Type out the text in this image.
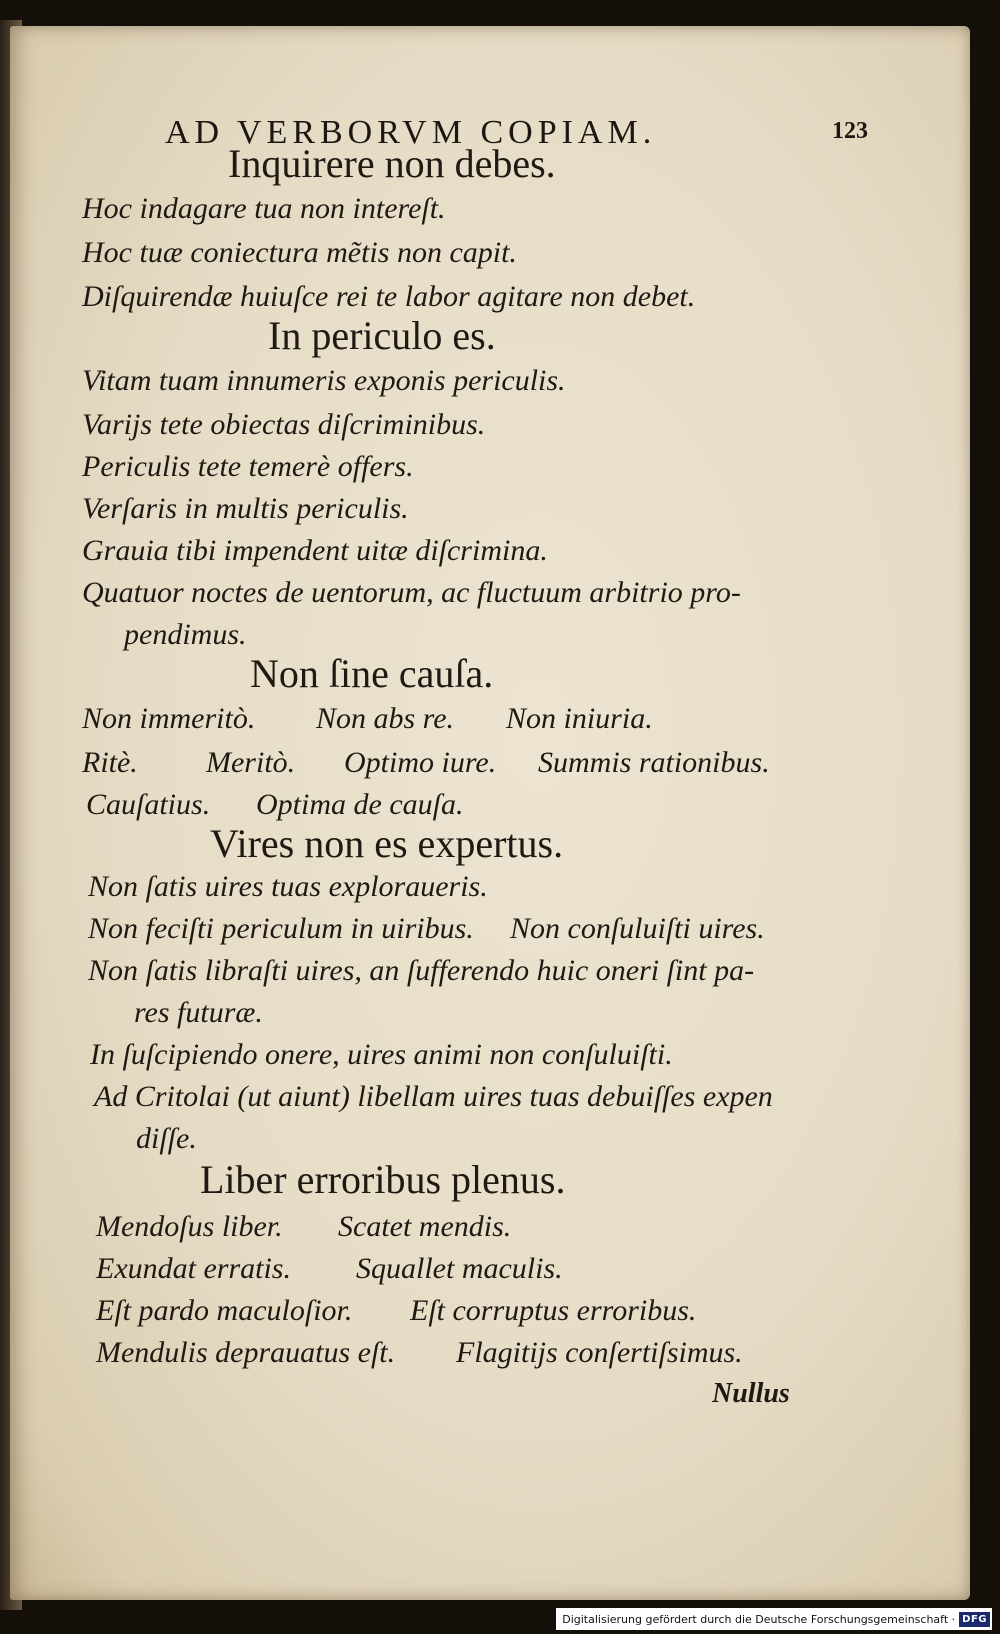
AD VERBORVM COPIAM.	123
Inquirere non debes.
Hoc indagare tua non intereſt.
Hoc tuæ coniectura mẽtis non capit.
Diſquirendæ huiuſce rei te labor agitare non debet.
In periculo es.
Vitam tuam innumeris exponis periculis.
Varijs tete obiectas diſcriminibus.
Periculis tete temerè offers.
Verſaris in multis periculis.
Grauia tibi impendent uitæ diſcrimina.
Quatuor noctes de uentorum, ac fluctuum arbitrio pro-
pendimus.
Non ſine cauſa.
Non immeritò. Non abs re. Non iniuria.
Ritè. Meritò. Optimo iure. Summis rationibus.
Cauſatius. Optima de cauſa.
Vires non es expertus.
Non ſatis uires tuas exploraueris.
Non feciſti periculum in uiribus. Non conſuluiſti uires.
Non ſatis libraſti uires, an ſufferendo huic oneri ſint pa-
res futuræ.
In ſuſcipiendo onere, uires animi non conſuluiſti.
Ad Critolai (ut aiunt) libellam uires tuas debuiſſes expen
diſſe.
Liber erroribus plenus.
Mendoſus liber. Scatet mendis.
Exundat erratis. Squallet maculis.
Eſt pardo maculoſior. Eſt corruptus erroribus.
Mendulis deprauatus eſt. Flagitijs conſertiſsimus.
Nullus
Digitalisierung gefördert durch die Deutsche Forschungsgemeinschaft · DFG
